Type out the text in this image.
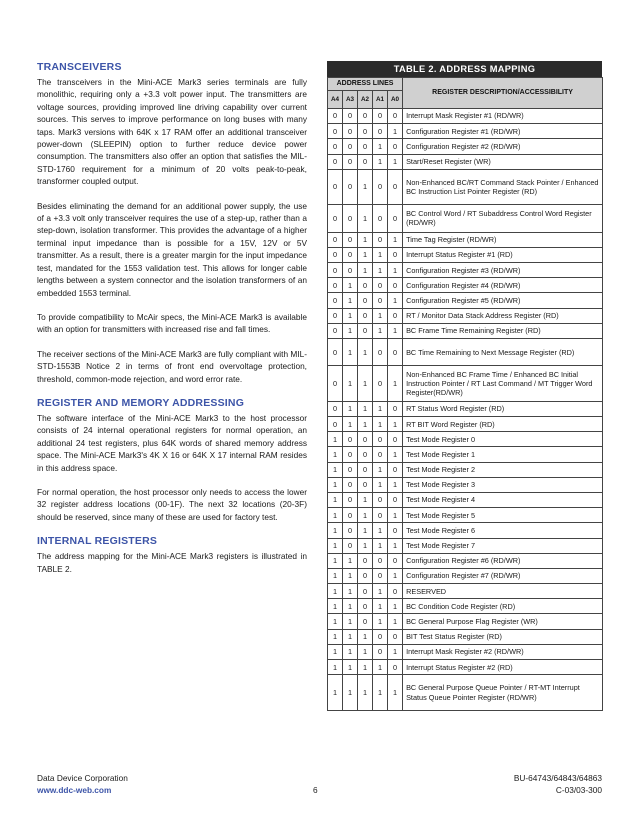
TRANSCEIVERS

The transceivers in the Mini-ACE Mark3 series terminals are fully monolithic, requiring only a +3.3 volt power input. The transmitters are voltage sources, providing improved line driving capability over current sources. This serves to improve performance on long buses with many taps. Mark3 versions with 64K x 17 RAM offer an additional transceiver power-down (SLEEPIN) option to further reduce device power consumption. The transmitters also offer an option that satisfies the MIL-STD-1760 requirement for a minimum of 20 volts peak-to-peak, transformer coupled output.

Besides eliminating the demand for an additional power supply, the use of a +3.3 volt only transceiver requires the use of a step-up, rather than a step-down, isolation transformer. This provides the advantage of a higher terminal input impedance than is possible for a 15V, 12V or 5V transmitter. As a result, there is a greater margin for the input impedance test, mandated for the 1553 validation test. This allows for longer cable lengths between a system connector and the isolation transformers of an embedded 1553 terminal.

To provide compatibility to McAir specs, the Mini-ACE Mark3 is available with an option for transmitters with increased rise and fall times.

The receiver sections of the Mini-ACE Mark3 are fully compliant with MIL-STD-1553B Notice 2 in terms of front end overvoltage protection, threshold, common-mode rejection, and word error rate.

REGISTER AND MEMORY ADDRESSING

The software interface of the Mini-ACE Mark3 to the host processor consists of 24 internal operational registers for normal operation, an additional 24 test registers, plus 64K words of shared memory address space. The Mini-ACE Mark3's 4K X 16 or 64K X 17 internal RAM resides in this address space.

For normal operation, the host processor only needs to access the lower 32 register address locations (00-1F). The next 32 locations (20-3F) should be reserved, since many of these are used for factory test.

INTERNAL REGISTERS

The address mapping for the Mini-ACE Mark3 registers is illustrated in TABLE 2.

TABLE 2. ADDRESS MAPPING
ADDRESS LINES					REGISTER DESCRIPTION/ACCESSIBILITY
A4	A3	A2	A1	A0	
0	0	0	0	0	Interrupt Mask Register #1 (RD/WR)
0	0	0	0	1	Configuration Register #1 (RD/WR)
0	0	0	1	0	Configuration Register #2 (RD/WR)
0	0	0	1	1	Start/Reset Register (WR)
0	0	1	0	0	Non-Enhanced BC/RT Command Stack Pointer / Enhanced BC Instruction List Pointer Register (RD)
0	0	1	0	0	BC Control Word / RT Subaddress Control Word Register (RD/WR)
0	0	1	0	1	Time Tag Register (RD/WR)
0	0	1	1	0	Interrupt Status Register #1 (RD)
0	0	1	1	1	Configuration Register #3 (RD/WR)
0	1	0	0	0	Configuration Register #4 (RD/WR)
0	1	0	0	1	Configuration Register #5 (RD/WR)
0	1	0	1	0	RT / Monitor Data Stack Address Register (RD)
0	1	0	1	1	BC Frame Time Remaining Register (RD)
0	1	1	0	0	BC Time Remaining to Next Message Register (RD)
0	1	1	0	1	Non-Enhanced BC Frame Time / Enhanced BC Initial Instruction Pointer / RT Last Command / MT Trigger Word Register(RD/WR)
0	1	1	1	0	RT Status Word Register (RD)
0	1	1	1	1	RT BIT Word Register (RD)
1	0	0	0	0	Test Mode Register 0
1	0	0	0	1	Test Mode Register 1
1	0	0	1	0	Test Mode Register 2
1	0	0	1	1	Test Mode Register 3
1	0	1	0	0	Test Mode Register 4
1	0	1	0	1	Test Mode Register 5
1	0	1	1	0	Test Mode Register 6
1	0	1	1	1	Test Mode Register 7
1	1	0	0	0	Configuration Register #6 (RD/WR)
1	1	0	0	1	Configuration Register #7 (RD/WR)
1	1	0	1	0	RESERVED
1	1	0	1	1	BC Condition Code Register (RD)
1	1	0	1	1	BC General Purpose Flag Register (WR)
1	1	1	0	0	BIT Test Status Register (RD)
1	1	1	0	1	Interrupt Mask Register #2 (RD/WR)
1	1	1	1	0	Interrupt Status Register #2 (RD)
1	1	1	1	1	BC General Purpose Queue Pointer / RT-MT Interrupt Status Queue Pointer Register (RD/WR)
Data Device Corporation
www.ddc-web.com	6
BU-64743/64843/64863
C-03/03-300
